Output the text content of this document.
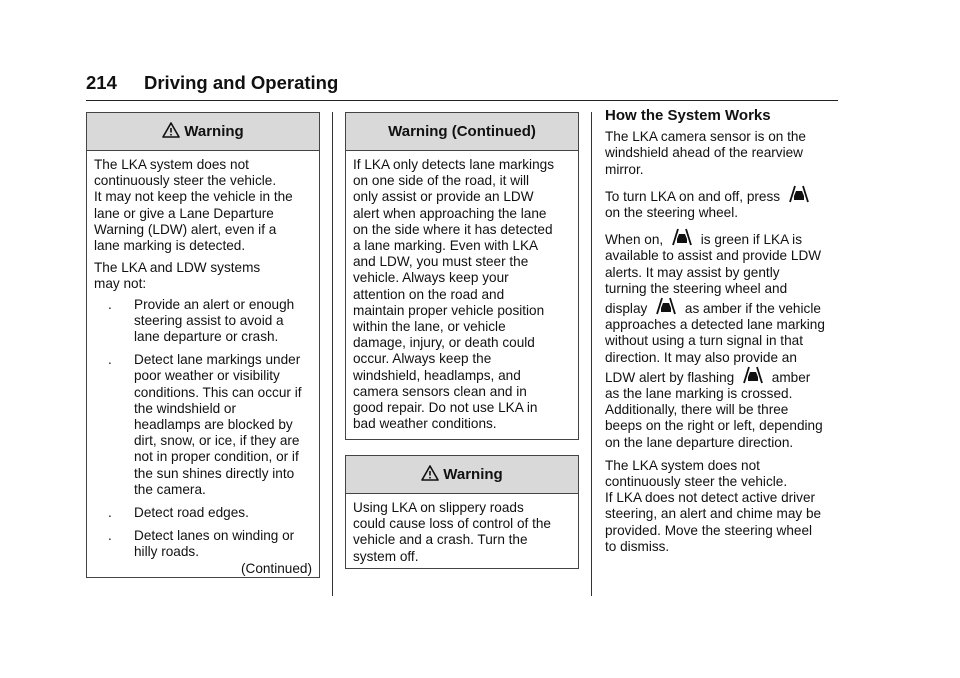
214 Driving and Operating
Warning

The LKA system does not
continuously steer the vehicle.
It may not keep the vehicle in the
lane or give a Lane Departure
Warning (LDW) alert, even if a
lane marking is detected.

The LKA and LDW systems
may not:

. Provide an alert or enough
steering assist to avoid a
lane departure or crash.
. Detect lane markings under
poor weather or visibility
conditions. This can occur if
the windshield or
headlamps are blocked by
dirt, snow, or ice, if they are
not in proper condition, or if
the sun shines directly into
the camera.
. Detect road edges.
. Detect lanes on winding or
hilly roads.
(Continued)
Warning (Continued)

If LKA only detects lane markings
on one side of the road, it will
only assist or provide an LDW
alert when approaching the lane
on the side where it has detected
a lane marking. Even with LKA
and LDW, you must steer the
vehicle. Always keep your
attention on the road and
maintain proper vehicle position
within the lane, or vehicle
damage, injury, or death could
occur. Always keep the
windshield, headlamps, and
camera sensors clean and in
good repair. Do not use LKA in
bad weather conditions.

Warning

Using LKA on slippery roads
could cause loss of control of the
vehicle and a crash. Turn the
system off.

How the System Works

The LKA camera sensor is on the
windshield ahead of the rearview
mirror.

To turn LKA on and off, press
on the steering wheel.

When on,	is green if LKA is
available to assist and provide LDW
alerts. It may assist by gently
turning the steering wheel and
display	as amber if the vehicle
approaches a detected lane marking
without using a turn signal in that
direction. It may also provide an
LDW alert by flashing	amber
as the lane marking is crossed.
Additionally, there will be three
beeps on the right or left, depending
on the lane departure direction.

The LKA system does not
continuously steer the vehicle.
If LKA does not detect active driver
steering, an alert and chime may be
provided. Move the steering wheel
to dismiss.
